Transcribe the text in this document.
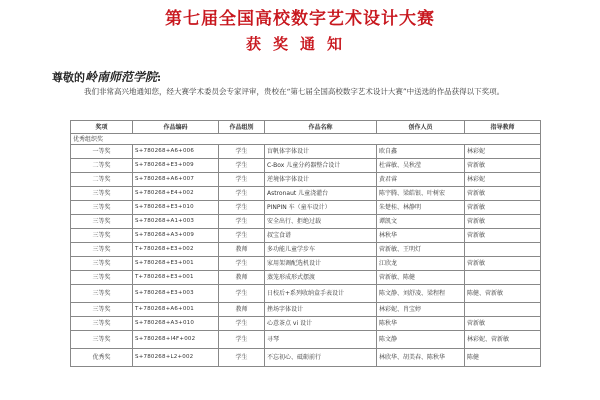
第七届全国高校数字艺术设计大赛
获奖通知
尊敬的岭南师范学院:
我们非常高兴地通知您，经大赛学术委员会专家评审，贵校在“第七届全国高校数字艺术设计大赛”中送选的作品获得以下奖项。
奖项	作品编码	作品组别	作品名称	创作人员	指导教师
优秀组织奖					
一等奖	S+780268+A6+006	学生	盲帆体字体设计	欧自鑫	林彩妮
二等奖	S+780268+E3+009	学生	C-Box 儿童分药器整合设计	杜睿敏、吴秋滢	菅新敏
二等奖	S+780268+A6+007	学生	逆境体字体设计	黄君睿	林彩妮
三等奖	S+780268+E4+002	学生	Astronaut 儿童浇灌台	陈宇腾、梁皓银、叶树宏	菅新敏
三等奖	S+780268+E3+010	学生	PINPIN 车（童车设计）	朱楚桂、林静明	菅新敏
三等奖	S+780268+A1+003	学生	安全出行、拒绝过载	谭凯文	菅新敏
三等奖	S+780268+A3+009	学生	叔宝食谱	林秋华	菅新敏
三等奖	T+780268+E3+002	教师	多功能儿童学步车	菅新敏、王明灯	
三等奖	S+780268+E3+001	学生	家用架调配选机设计	江欣龙	菅新敏
三等奖	T+780268+E3+001	教师	蒸笼形成形式摆渡	菅新敏、陈健	
三等奖	S+780268+E3+003	学生	日校后+系列收纳盒手表设计	陈文静、刘舒凌、梁程程	陈健、菅新敏
三等奖	T+780268+A6+001	教师	挫场字体设计	林彩妮、肖宝婷	
三等奖	S+780268+A3+010	学生	心意茶点 vi 设计	陈秋华	菅新敏
三等奖	S+780268+I4F+002	学生	寻琴	陈文静	林彩妮、菅新敏
优秀奖	S+780268+L2+002	学生	不忘初心、砥砺前行	林欣华、胡美春、陈秋华	陈健
